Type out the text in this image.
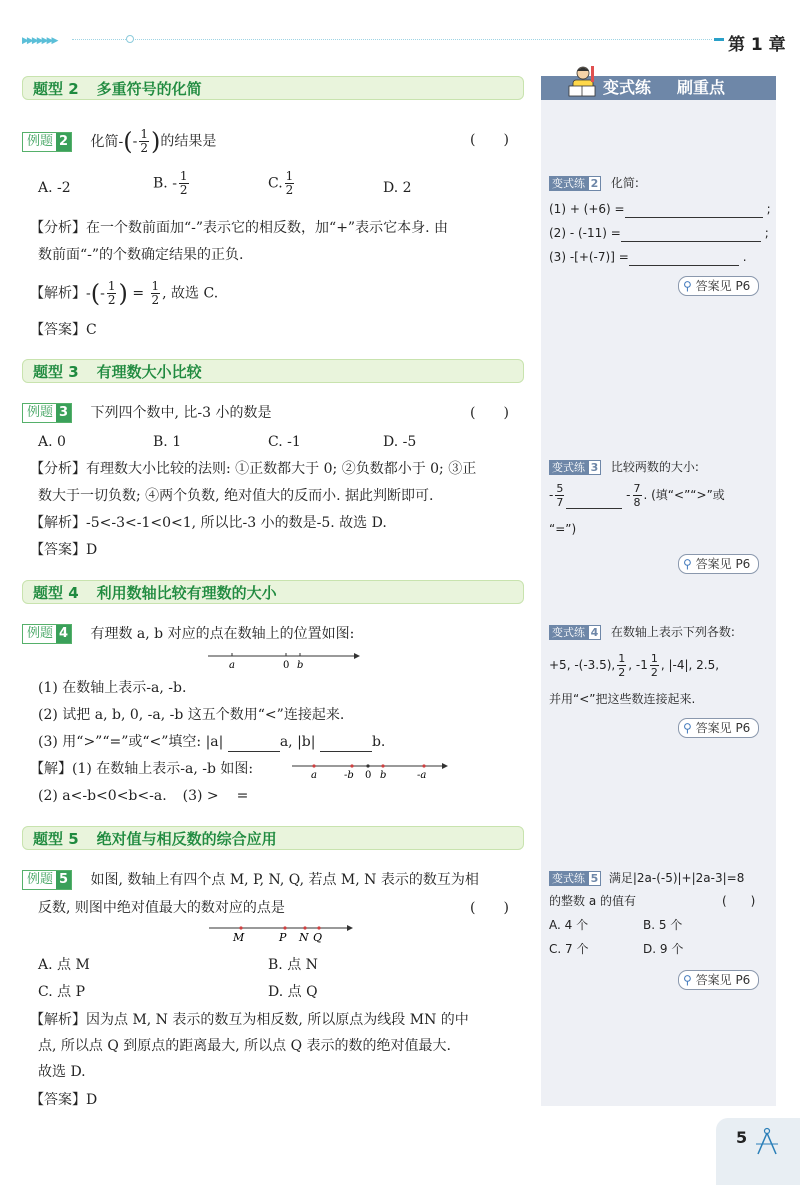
▶▶▶▶▶▶▶	第 1 章
题型 2 多重符号的化简
例题 2 化简-(- $\frac{1}{2}$ )的结果是	(　　)
A. -2	B. - $\frac{1}{2}$	C. $\frac{1}{2}$	D. 2
【分析】在一个数前面加“-”表示它的相反数，加“+”表示它本身. 由
数前面“-”的个数确定结果的正负.
【解析】-(- $\frac{1}{2}$ ) = $\frac{1}{2}$ , 故选 C.
【答案】C
题型 3 有理数大小比较
例题 3 下列四个数中, 比-3 小的数是	(　　)
A. 0	B. 1	C. -1	D. -5
【分析】有理数大小比较的法则: ①正数都大于 0; ②负数都小于 0; ③正
数大于一切负数; ④两个负数, 绝对值大的反而小. 据此判断即可.
【解析】-5<-3<-1<0<1, 所以比-3 小的数是-5. 故选 D.
【答案】D
题型 4 利用数轴比较有理数的大小
例题 4 有理数 a, b 对应的点在数轴上的位置如图:
a	0 b
(1) 在数轴上表示-a, -b.
(2) 试把 a, b, 0, -a, -b 这五个数用“<”连接起来.
(3) 用“>”“=”或“<”填空: |a|	a, |b|	b.
【解】(1) 在数轴上表示-a, -b 如图:	a	-b 0 b	-a
(2) a<-b<0<b<-a. (3) > =
题型 5 绝对值与相反数的综合应用
例题 5 如图, 数轴上有四个点 M, P, N, Q, 若点 M, N 表示的数互为相
反数, 则图中绝对值最大的数对应的点是	(　　)
M	P N Q
A. 点 M	B. 点 N
C. 点 P	D. 点 Q
【解析】因为点 M, N 表示的数互为相反数, 所以原点为线段 MN 的中
点, 所以点 Q 到原点的距离最大, 所以点 Q 表示的数的绝对值最大.
故选 D.
【答案】D
变式练 刷重点
变式练 2 化简:
(1) + (+6) =	;
(2) - (-11) =	;
(3) -[+(-7)] =	.
⚲ 答案见 P6
变式练 3 比较两数的大小:
- $\frac{5}{7}$	- $\frac{7}{8}$ . (填“<”“>”或
“=”)
⚲ 答案见 P6
变式练 4 在数轴上表示下列各数:
+5, -(-3.5), $\frac{1}{2}$ , $-1 \frac{1}{2}$ , |-4|, 2.5,
并用“<”把这些数连接起来.
⚲ 答案见 P6
变式练 5 满足|2a-(-5)|+|2a-3|=8
的整数 a 的值有	(　　)
A. 4 个	B. 5 个
C. 7 个	D. 9 个
⚲ 答案见 P6
5
